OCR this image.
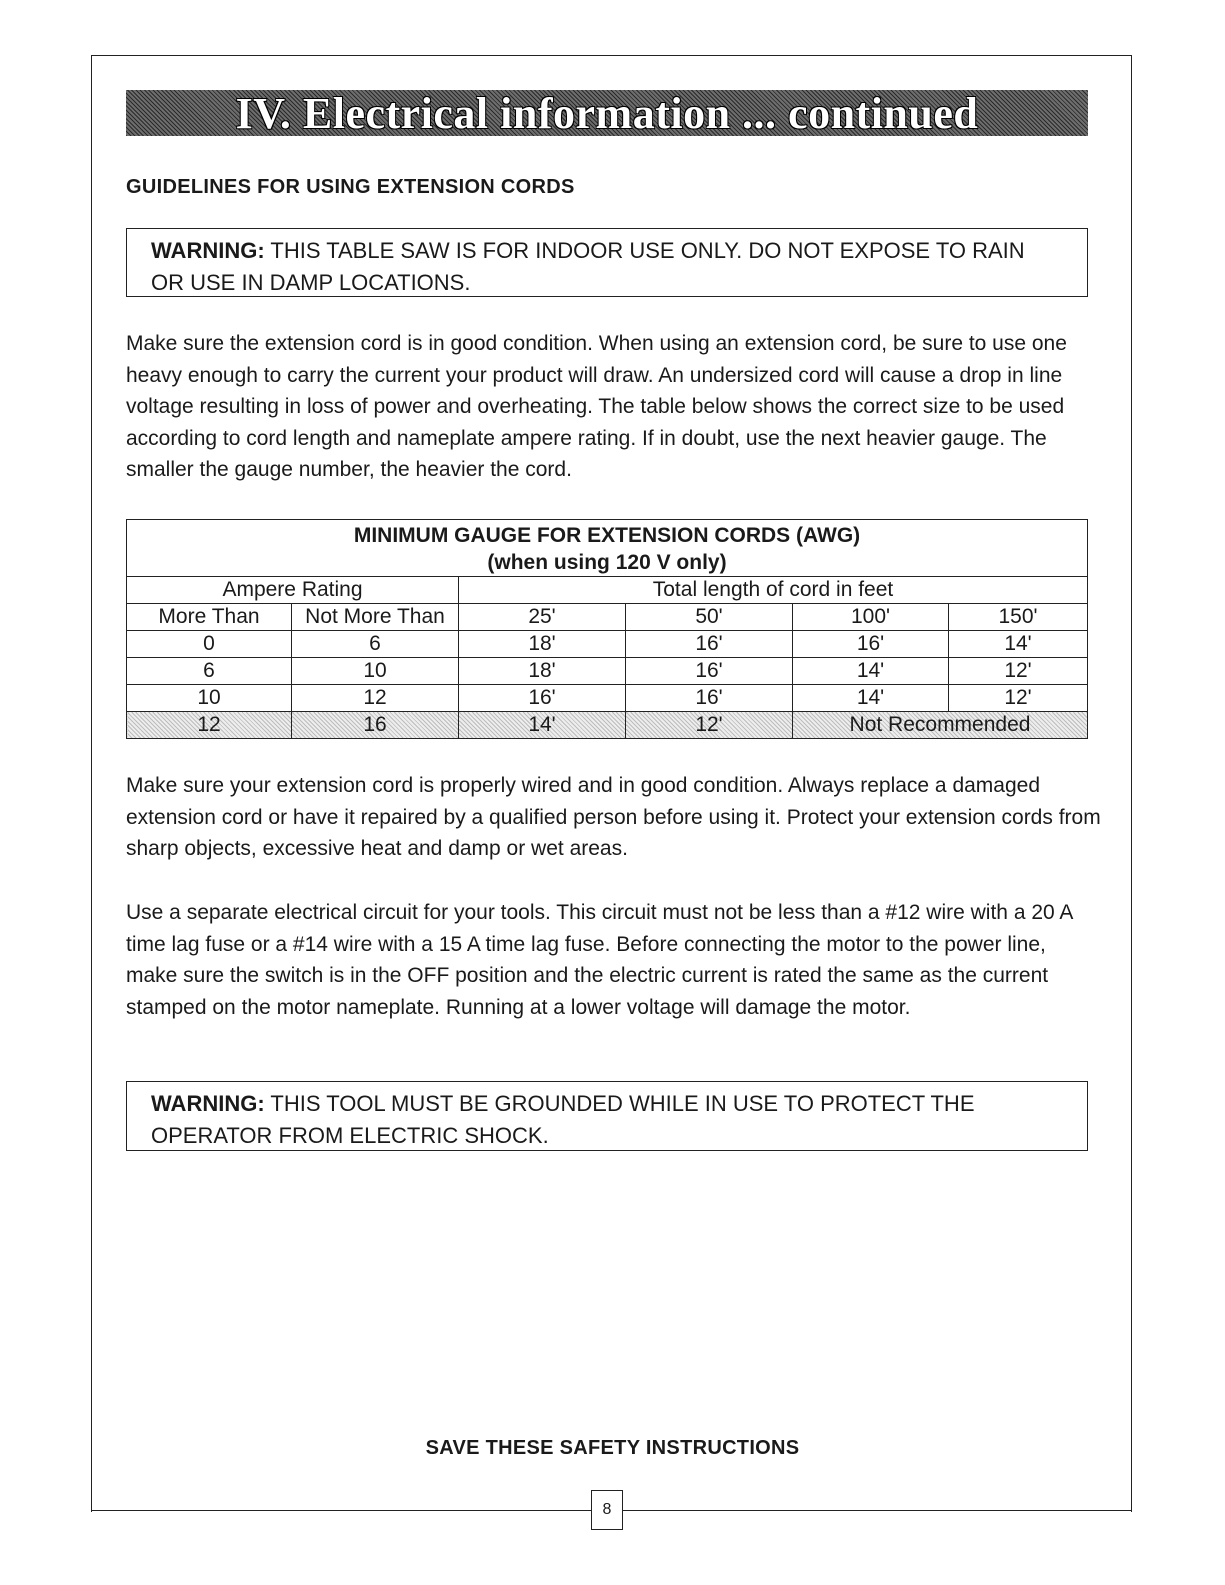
IV. Electrical information ... continued
GUIDELINES FOR USING EXTENSION CORDS
WARNING: THIS TABLE SAW IS FOR INDOOR USE ONLY. DO NOT EXPOSE TO RAIN OR USE IN DAMP LOCATIONS.
Make sure the extension cord is in good condition. When using an extension cord, be sure to use one heavy enough to carry the current your product will draw. An undersized cord will cause a drop in line voltage resulting in loss of power and overheating. The table below shows the correct size to be used according to cord length and nameplate ampere rating. If in doubt, use the next heavier gauge. The smaller the gauge number, the heavier the cord.
MINIMUM GAUGE FOR EXTENSION CORDS (AWG)					
(when using 120 V only)					
Ampere Rating		Total length of cord in feet			
More Than	Not More Than	25'	50'	100'	150'
0	6	18'	16'	16'	14'
6	10	18'	16'	14'	12'
10	12	16'	16'	14'	12'
12	16	14'	12'	Not Recommended	
Make sure your extension cord is properly wired and in good condition. Always replace a damaged extension cord or have it repaired by a qualified person before using it. Protect your extension cords from sharp objects, excessive heat and damp or wet areas.
Use a separate electrical circuit for your tools. This circuit must not be less than a #12 wire with a 20 A time lag fuse or a #14 wire with a 15 A time lag fuse. Before connecting the motor to the power line, make sure the switch is in the OFF position and the electric current is rated the same as the current stamped on the motor nameplate. Running at a lower voltage will damage the motor.
WARNING: THIS TOOL MUST BE GROUNDED WHILE IN USE TO PROTECT THE OPERATOR FROM ELECTRIC SHOCK.
SAVE THESE SAFETY INSTRUCTIONS
8
